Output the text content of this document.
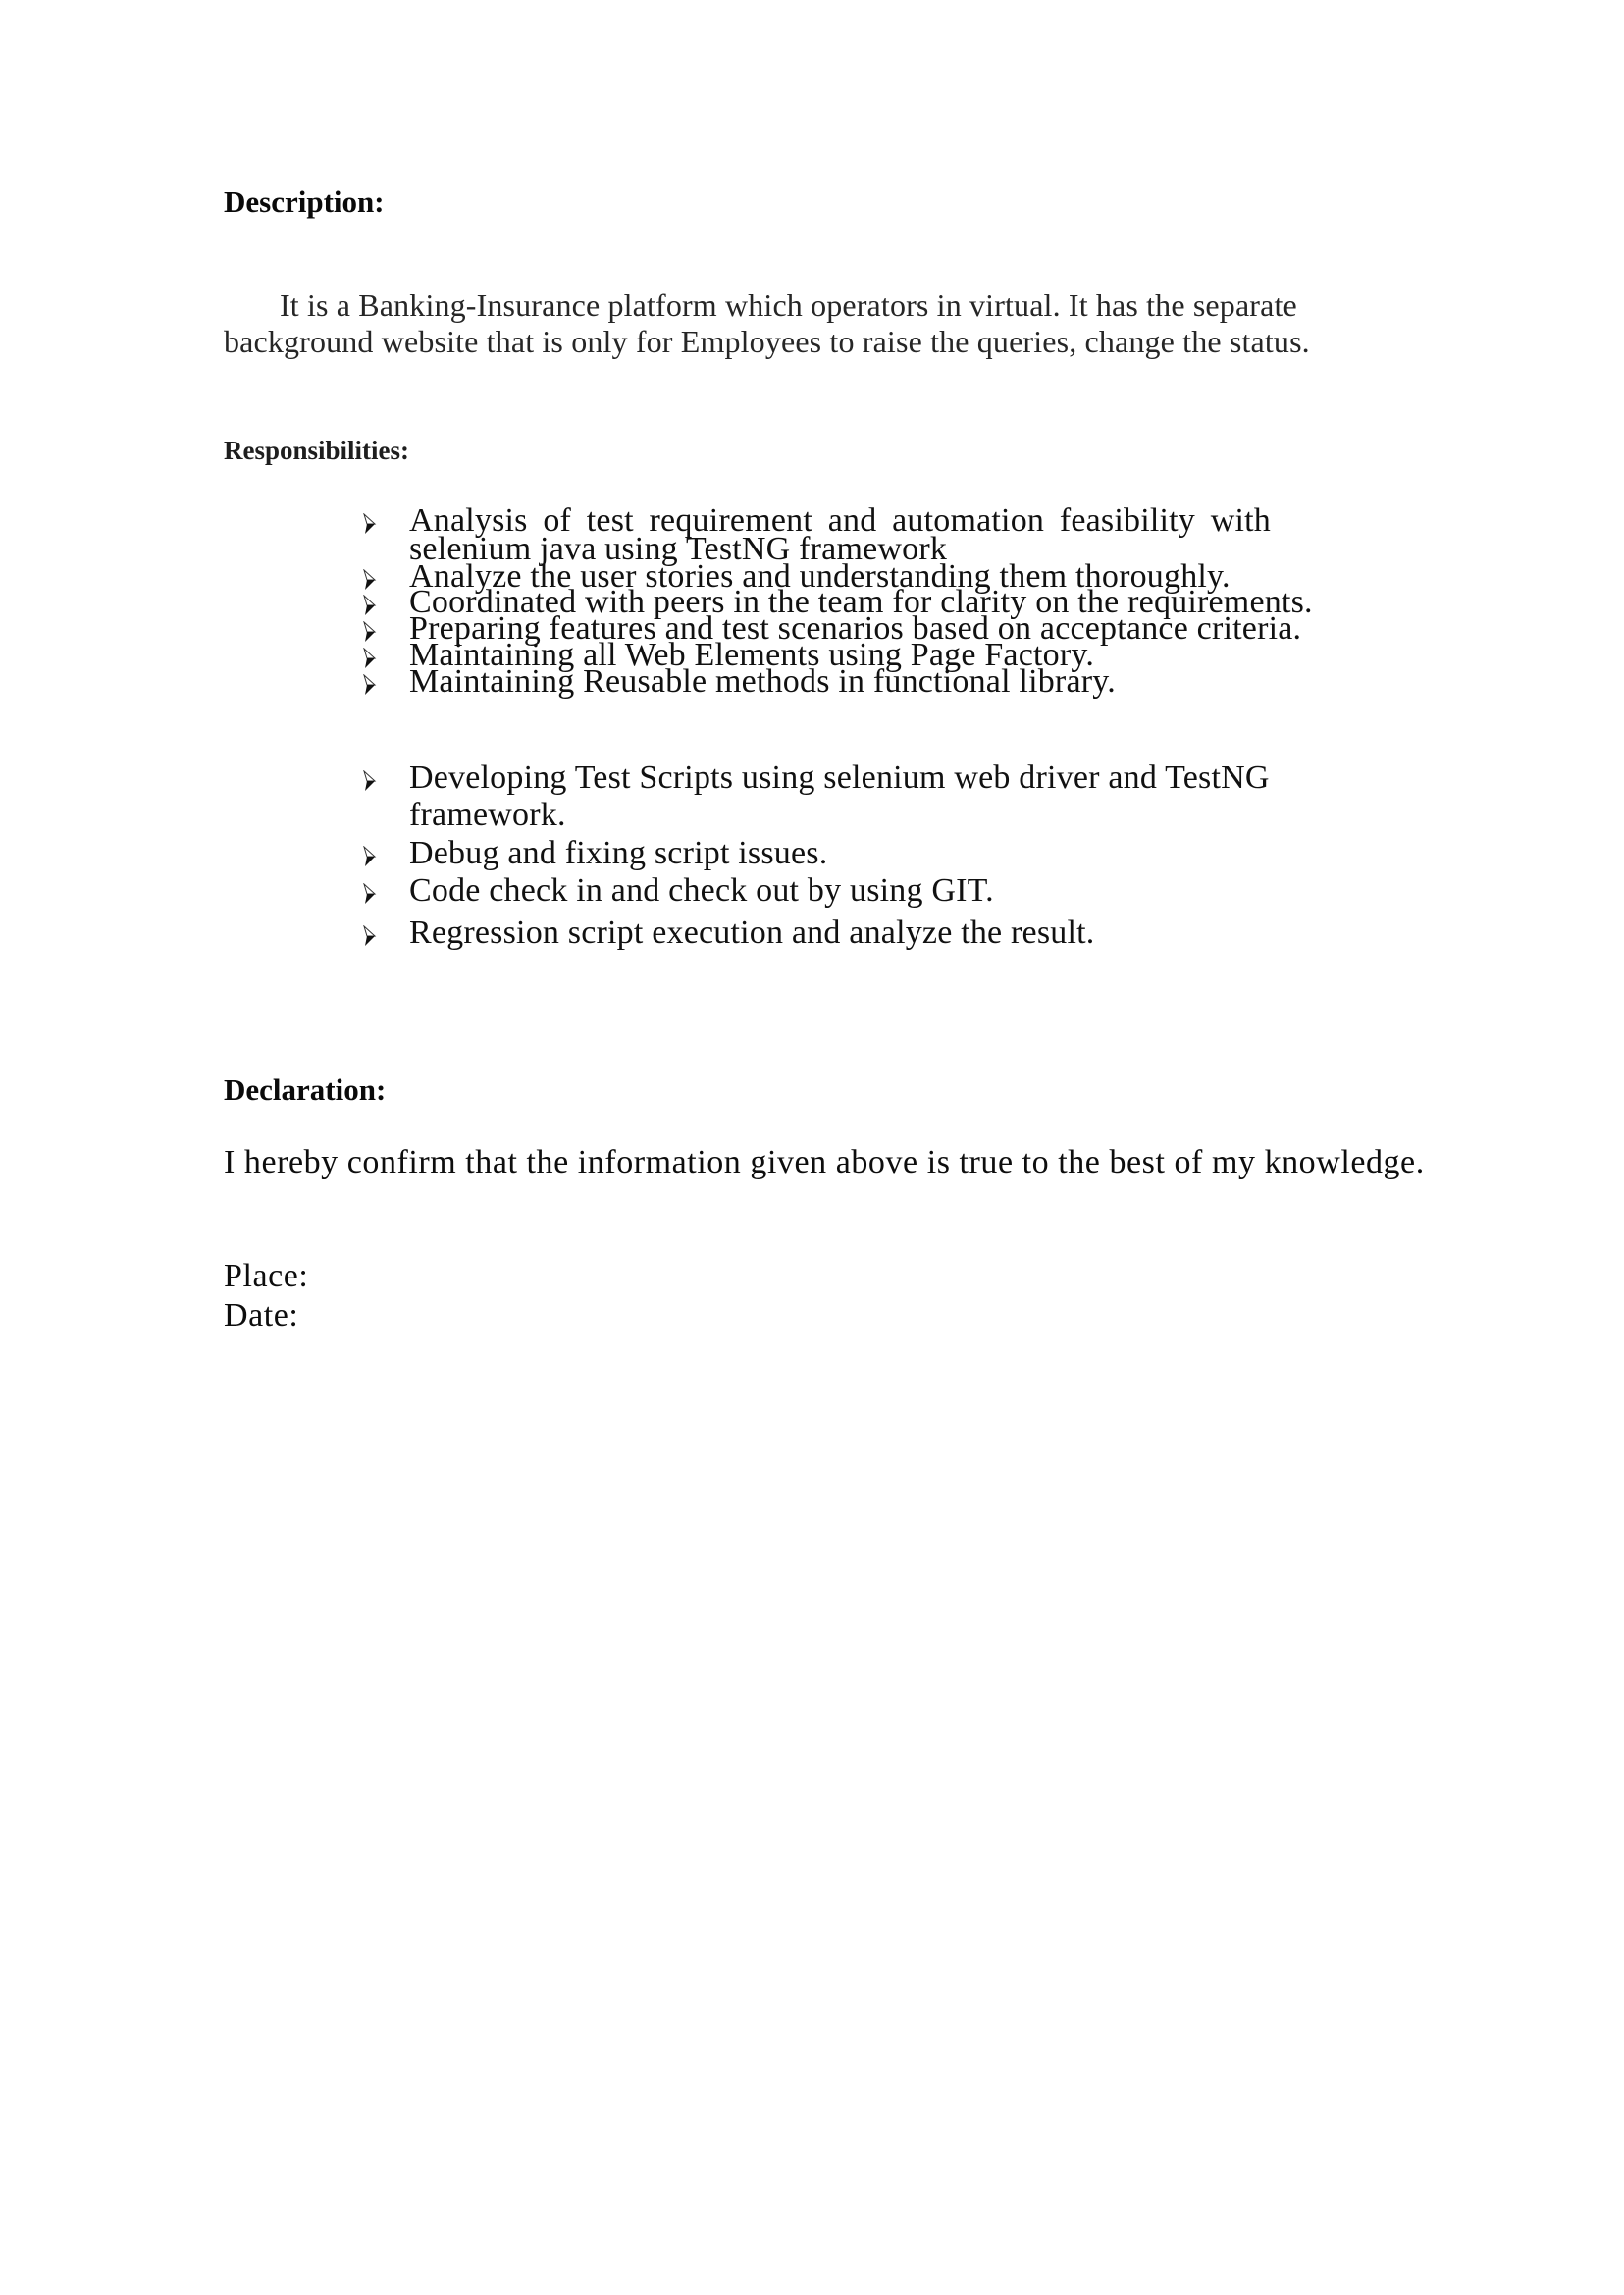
Description:
It is a Banking-Insurance platform which operators in virtual. It has the separate
background website that is only for Employees to raise the queries, change the status.
Responsibilities:
Analysis of test requirement and automation feasibility with
selenium java using TestNG framework
Analyze the user stories and understanding them thoroughly.
Coordinated with peers in the team for clarity on the requirements.
Preparing features and test scenarios based on acceptance criteria.
Maintaining all Web Elements using Page Factory.
Maintaining Reusable methods in functional library.
Developing Test Scripts using selenium web driver and TestNG
framework.
Debug and fixing script issues.
Code check in and check out by using GIT.
Regression script execution and analyze the result.
Declaration:
I hereby confirm that the information given above is true to the best of my knowledge.
Place:
Date:
